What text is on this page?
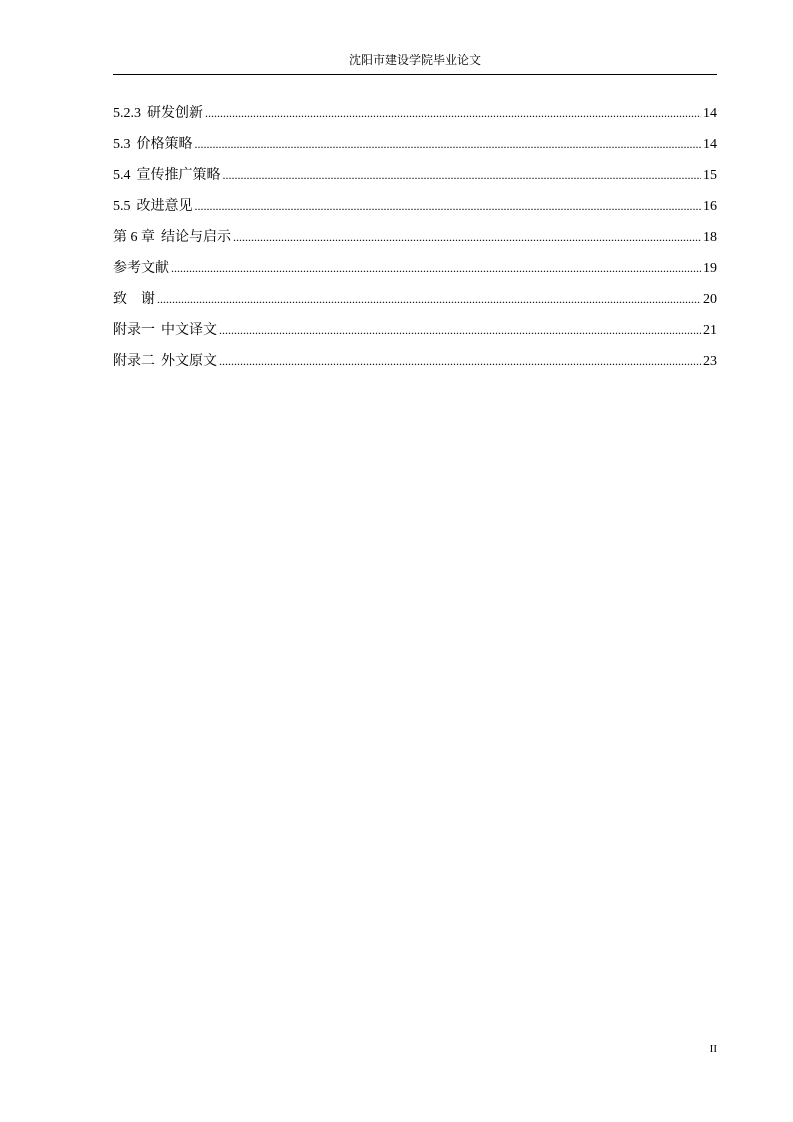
沈阳市建设学院毕业论文
5.2.3 研发创新 .....	14
5.3 价格策略 .....	14
5.4 宣传推广策略 .....	15
5.5 改进意见 .....	16
第 6 章 结论与启示 .....	18
参考文献 .....	19
致　谢 .....	20
附录一 中文译文 .....	21
附录二 外文原文 .....	23
II
